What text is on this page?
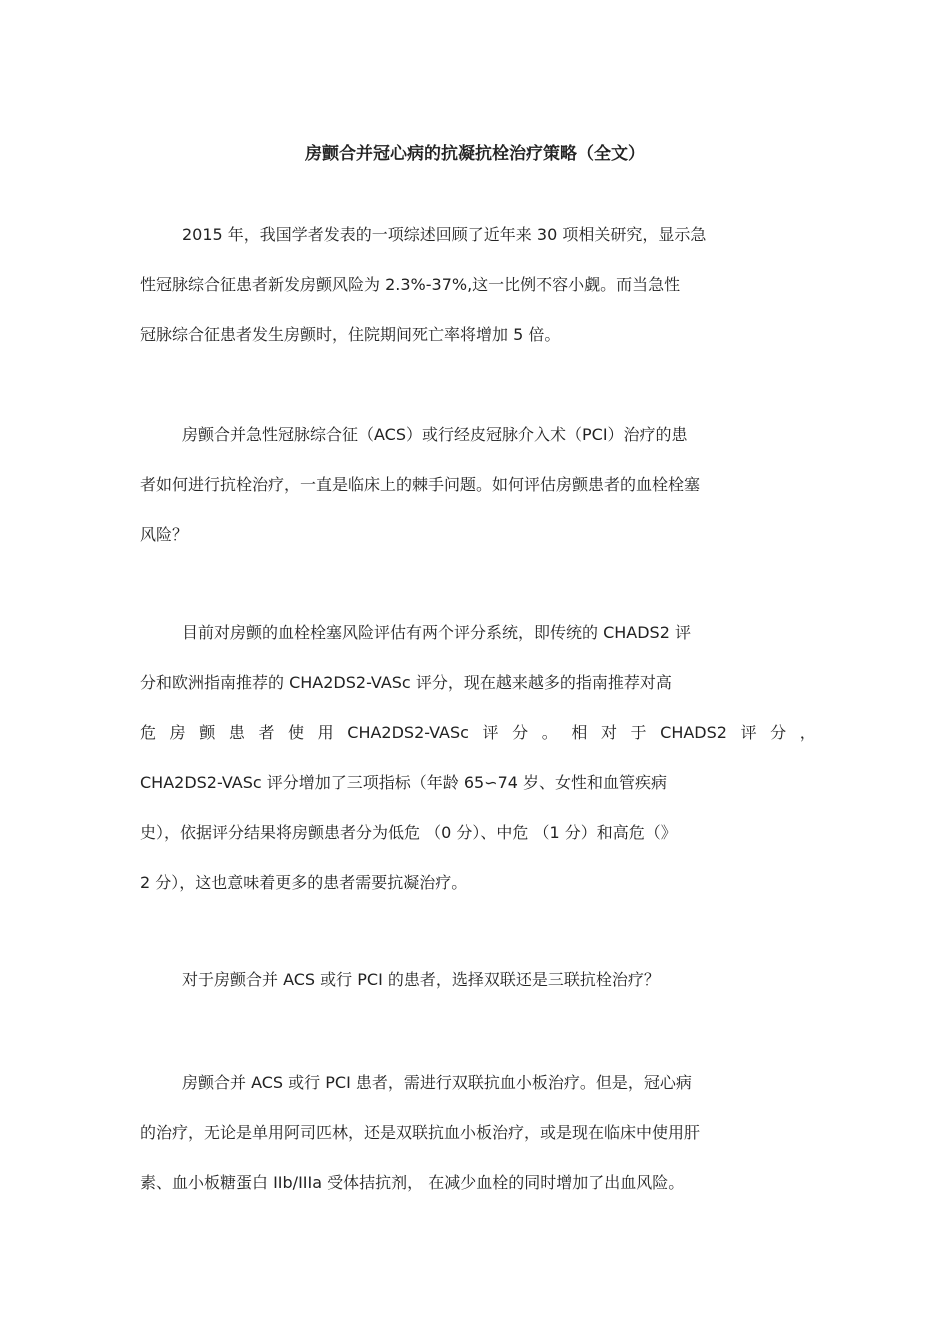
房颤合并冠心病的抗凝抗栓治疗策略（全文）
2015 年，我国学者发表的一项综述回顾了近年来 30 项相关研究，显示急
性冠脉综合征患者新发房颤风险为 2.3%-37%,这一比例不容小觑。而当急性
冠脉综合征患者发生房颤时，住院期间死亡率将增加 5 倍。
房颤合并急性冠脉综合征（ACS）或行经皮冠脉介入术（PCI）治疗的患
者如何进行抗栓治疗，一直是临床上的棘手问题。如何评估房颤患者的血栓栓塞
风险？
目前对房颤的血栓栓塞风险评估有两个评分系统，即传统的 CHADS2 评
分和欧洲指南推荐的 CHA2DS2-VASc 评分，现在越来越多的指南推荐对高
危 房 颤 患 者 使 用 CHA2DS2-VASc 评 分 。 相 对 于 CHADS2 评 分 ，
CHA2DS2-VASc 评分增加了三项指标（年龄 65∽74 岁、女性和血管疾病
史），依据评分结果将房颤患者分为低危 （0 分）、中危 （1 分）和高危（》
2 分），这也意味着更多的患者需要抗凝治疗。
对于房颤合并 ACS 或行 PCI 的患者，选择双联还是三联抗栓治疗？
房颤合并 ACS 或行 PCI 患者，需进行双联抗血小板治疗。但是，冠心病
的治疗，无论是单用阿司匹林，还是双联抗血小板治疗，或是现在临床中使用肝
素、血小板糖蛋白 IIb/IIIa 受体拮抗剂， 在减少血栓的同时增加了出血风险。
